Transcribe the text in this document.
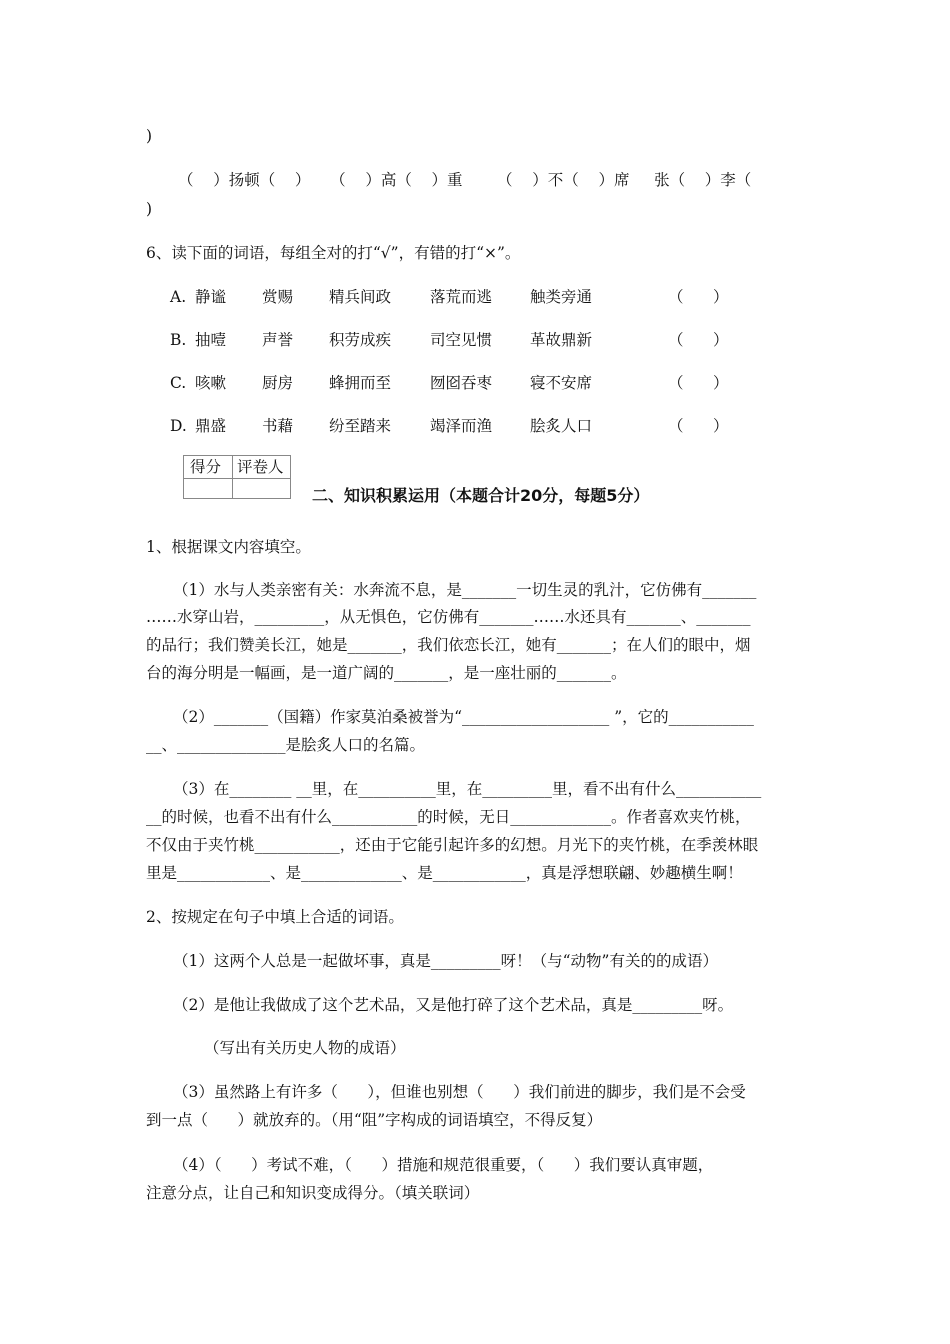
)
（    ）扬顿（    ）    （    ）高（    ）重       （    ）不（    ）席     张（    ）李（
)
6、读下面的词语，每组全对的打“√”，有错的打“×”。
A. 静谧 赏赐 精兵间政	落荒而逃 触类旁通	（      ）
B. 抽噎 声誉 积劳成疾	司空见惯 革故鼎新	（      ）
C. 咳嗽 厨房 蜂拥而至	囫囵吞枣 寝不安席	（      ）
D. 鼎盛 书藉 纷至踏来	竭泽而渔 脍炙人口	（      ）
得分 评卷人
二、知识积累运用（本题合计20分，每题5分）
1、根据课文内容填空。
（1）水与人类亲密有关：水奔流不息，是_______一切生灵的乳汁，它仿佛有_______
……水穿山岩，_________，从无惧色，它仿佛有_______……水还具有_______、_______
的品行；我们赞美长江，她是_______，我们依恋长江，她有_______；在人们的眼中，烟
台的海分明是一幅画，是一道广阔的_______，是一座壮丽的_______。
（2）_______（国籍）作家莫泊桑被誉为“___________________ ”，它的___________
__、______________是脍炙人口的名篇。
（3）在________ __里，在__________里，在_________里，看不出有什么___________
__的时候，也看不出有什么___________的时候，无日_____________。作者喜欢夹竹桃，
不仅由于夹竹桃___________，还由于它能引起许多的幻想。月光下的夹竹桃，在季羡林眼
里是____________、是_____________、是____________，真是浮想联翩、妙趣横生啊！
2、按规定在句子中填上合适的词语。
（1）这两个人总是一起做坏事，真是_________呀！（与“动物”有关的的成语）
（2）是他让我做成了这个艺术品，又是他打碎了这个艺术品，真是_________呀。
（写出有关历史人物的成语）
（3）虽然路上有许多（      ），但谁也别想（      ）我们前进的脚步，我们是不会受
到一点（      ）就放弃的。（用“阻”字构成的词语填空，不得反复）
（4）（      ）考试不难，（      ）措施和规范很重要，（      ）我们要认真审题，
注意分点，让自己和知识变成得分。（填关联词）
